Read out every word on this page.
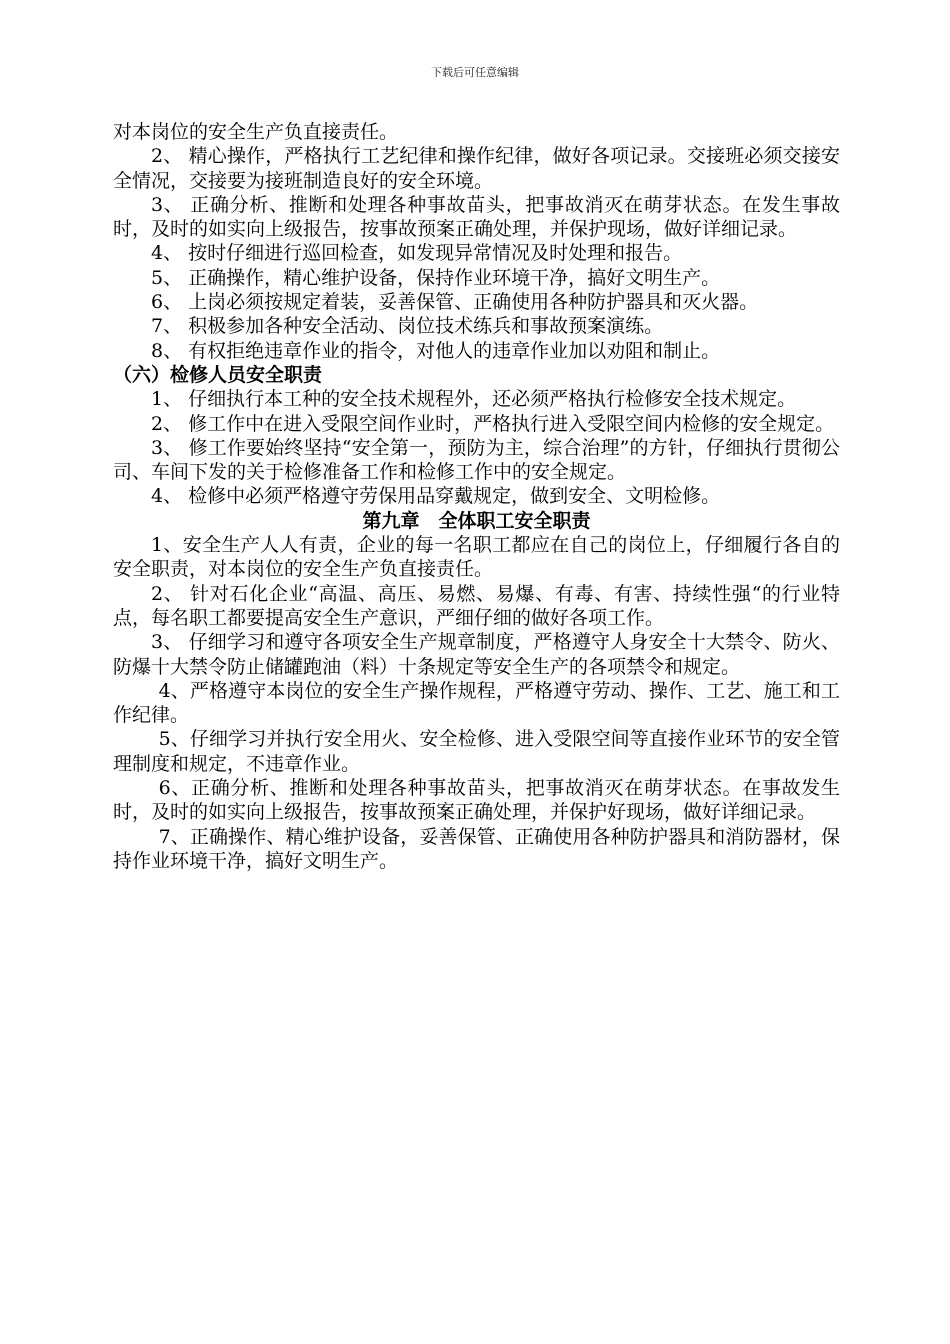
下载后可任意编辑

对本岗位的安全生产负直接责任。

2、 精心操作，严格执行工艺纪律和操作纪律，做好各项记录。交接班必须交接安全情况，交接要为接班制造良好的安全环境。

3、 正确分析、推断和处理各种事故苗头，把事故消灭在萌芽状态。在发生事故时，及时的如实向上级报告，按事故预案正确处理，并保护现场，做好详细记录。

4、 按时仔细进行巡回检查，如发现异常情况及时处理和报告。

5、 正确操作，精心维护设备，保持作业环境干净，搞好文明生产。

6、 上岗必须按规定着装，妥善保管、正确使用各种防护器具和灭火器。

7、 积极参加各种安全活动、岗位技术练兵和事故预案演练。

8、 有权拒绝违章作业的指令，对他人的违章作业加以劝阻和制止。

（六）检修人员安全职责

1、 仔细执行本工种的安全技术规程外，还必须严格执行检修安全技术规定。

2、 修工作中在进入受限空间作业时，严格执行进入受限空间内检修的安全规定。

3、 修工作要始终坚持“安全第一，预防为主，综合治理”的方针，仔细执行贯彻公司、车间下发的关于检修准备工作和检修工作中的安全规定。

4、 检修中必须严格遵守劳保用品穿戴规定，做到安全、文明检修。

第九章　全体职工安全职责

1、安全生产人人有责，企业的每一名职工都应在自己的岗位上，仔细履行各自的安全职责，对本岗位的安全生产负直接责任。

2、 针对石化企业“高温、高压、易燃、易爆、有毒、有害、持续性强“的行业特点，每名职工都要提高安全生产意识，严细仔细的做好各项工作。

3、 仔细学习和遵守各项安全生产规章制度，严格遵守人身安全十大禁令、防火、防爆十大禁令防止储罐跑油（料）十条规定等安全生产的各项禁令和规定。

4、严格遵守本岗位的安全生产操作规程，严格遵守劳动、操作、工艺、施工和工作纪律。

5、仔细学习并执行安全用火、安全检修、进入受限空间等直接作业环节的安全管理制度和规定，不违章作业。

6、正确分析、推断和处理各种事故苗头，把事故消灭在萌芽状态。在事故发生时，及时的如实向上级报告，按事故预案正确处理，并保护好现场，做好详细记录。

7、正确操作、精心维护设备，妥善保管、正确使用各种防护器具和消防器材，保持作业环境干净，搞好文明生产。
